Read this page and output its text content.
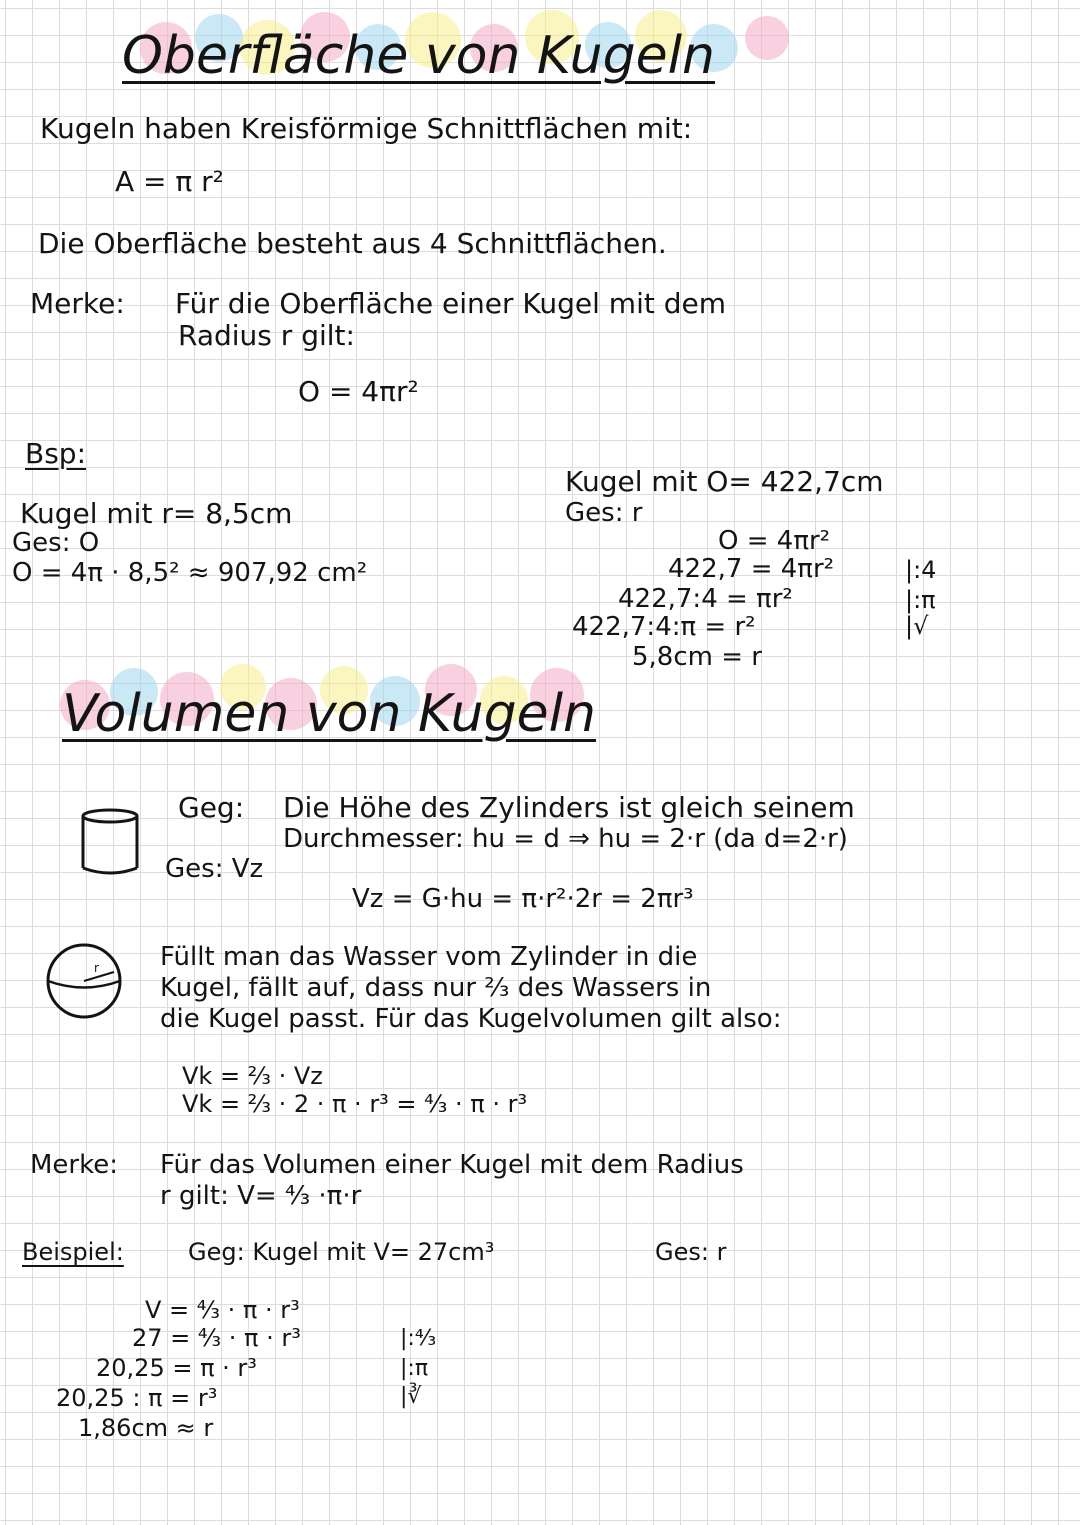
Oberfläche von Kugeln
Kugeln haben Kreisförmige Schnittflächen mit:
A = π r²
Die Oberfläche besteht aus 4 Schnittflächen.
Merke: Für die Oberfläche einer Kugel mit dem
Radius r gilt:
O = 4πr²
Bsp:
Kugel mit r= 8,5cm
Ges: O
O = 4π · 8,5² ≈ 907,92 cm²
Kugel mit O= 422,7cm
Ges: r
O = 4πr²
422,7 = 4πr²	|:4
422,7:4 = πr²	|:π
422,7:4:π = r²	|√
5,8cm = r
Volumen von Kugeln
Geg: Die Höhe des Zylinders ist gleich seinem
Durchmesser: hu = d ⇒ hu = 2·r (da d=2·r)
Ges: Vz
Vz = G·hu = π·r²·2r = 2πr³
r Füllt man das Wasser vom Zylinder in die
Kugel, fällt auf, dass nur ²⁄₃ des Wassers in
die Kugel passt. Für das Kugelvolumen gilt also:
Vk = ²⁄₃ · Vz
Vk = ²⁄₃ · 2 · π · r³ = ⁴⁄₃ · π · r³
Merke: Für das Volumen einer Kugel mit dem Radius
r gilt: V= ⁴⁄₃ ·π·r
Beispiel:	Geg: Kugel mit V= 27cm³	Ges: r
V = ⁴⁄₃ · π · r³
27 = ⁴⁄₃ · π · r³	|:⁴⁄₃
20,25 = π · r³	|:π
20,25 : π = r³	|∛
1,86cm ≈ r
